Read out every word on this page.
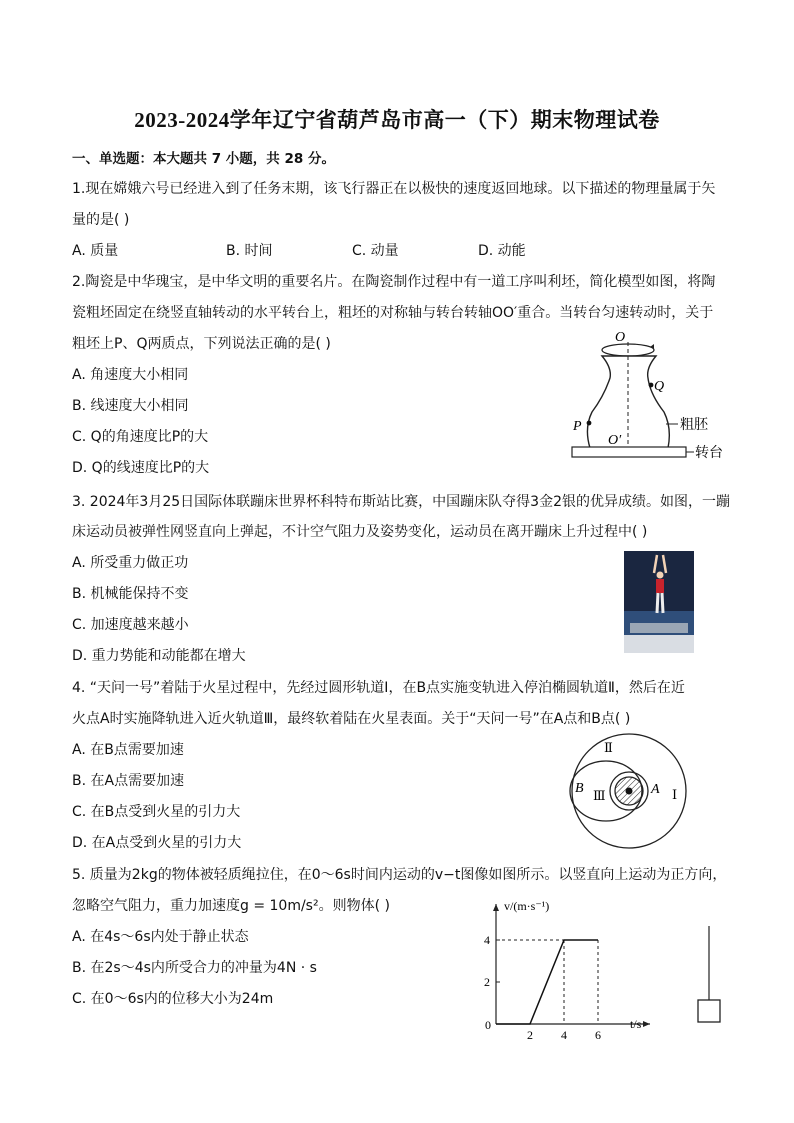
2023-2024学年辽宁省葫芦岛市高一（下）期末物理试卷
一、单选题：本大题共 7 小题，共 28 分。
1.现在嫦娥六号已经进入到了任务末期，该飞行器正在以极快的速度返回地球。以下描述的物理量属于矢
量的是( )
A. 质量	B. 时间	C. 动量	D. 动能
2.陶瓷是中华瑰宝，是中华文明的重要名片。在陶瓷制作过程中有一道工序叫利坯，简化模型如图，将陶
瓷粗坯固定在绕竖直轴转动的水平转台上，粗坯的对称轴与转台转轴OO′重合。当转台匀速转动时，关于
粗坯上P、Q两质点，下列说法正确的是( )
A. 角速度大小相同
B. 线速度大小相同
C. Q的角速度比P的大
D. Q的线速度比P的大
O
O′
Q
P	粗胚
转台
3. 2024年3月25日国际体联蹦床世界杯科特布斯站比赛，中国蹦床队夺得3金2银的优异成绩。如图，一蹦
床运动员被弹性网竖直向上弹起，不计空气阻力及姿势变化，运动员在离开蹦床上升过程中( )
A. 所受重力做正功
B. 机械能保持不变
C. 加速度越来越小
D. 重力势能和动能都在增大
4. “天问一号”着陆于火星过程中，先经过圆形轨道Ⅰ，在B点实施变轨进入停泊椭圆轨道Ⅱ，然后在近
火点A时实施降轨进入近火轨道Ⅲ，最终软着陆在火星表面。关于“天问一号”在A点和B点( )
A. 在B点需要加速
B. 在A点需要加速
C. 在B点受到火星的引力大
D. 在A点受到火星的引力大
Ⅱ
Ⅲ	Ⅰ
B	A
5. 质量为2kg的物体被轻质绳拉住，在0～6s时间内运动的v−t图像如图所示。以竖直向上运动为正方向，
忽略空气阻力，重力加速度g = 10m/s²。则物体( )
A. 在4s～6s内处于静止状态
B. 在2s～4s内所受合力的冲量为4N · s
C. 在0～6s内的位移大小为24m
v/(m·s⁻¹)
t/s
0
2 4 6
2
4
